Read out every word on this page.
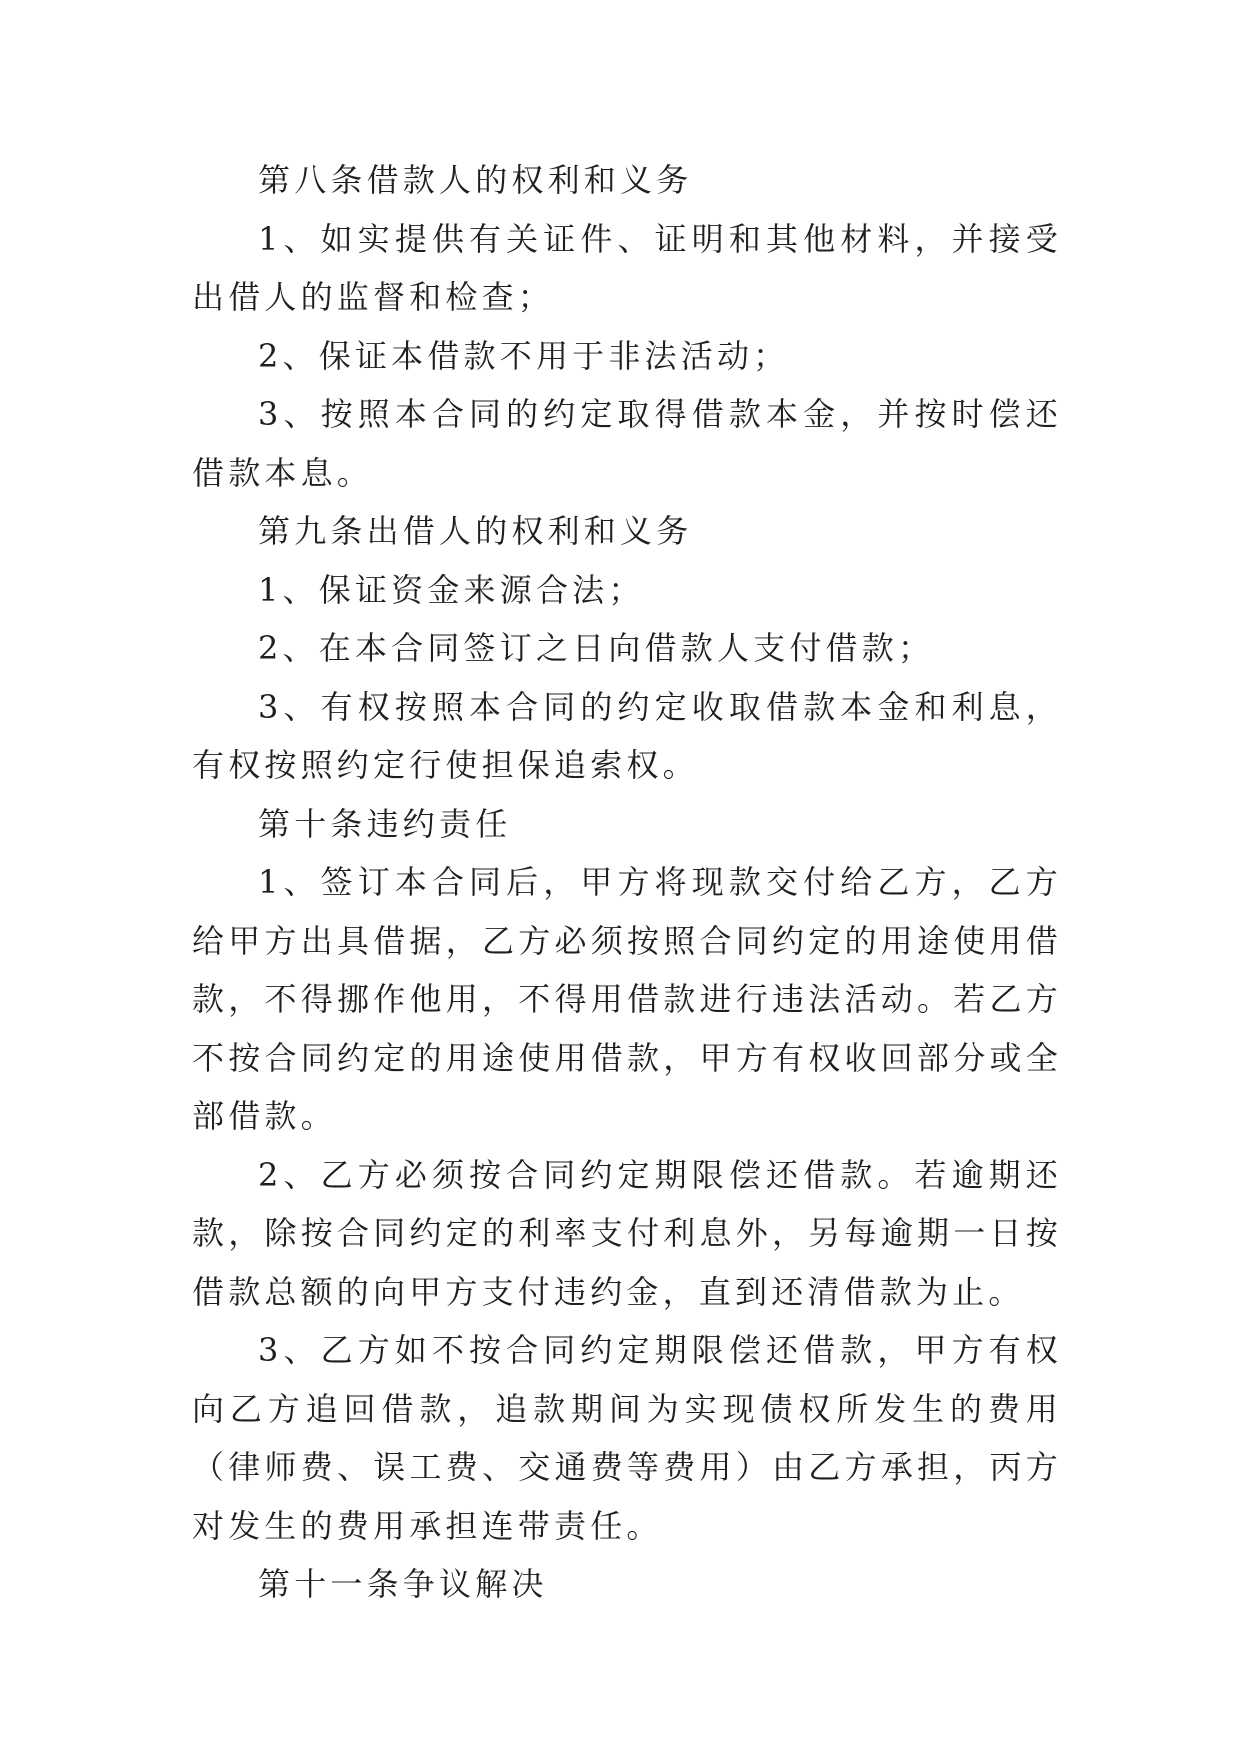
第八条借款人的权利和义务

1、如实提供有关证件、证明和其他材料，并接受出借人的监督和检查；

2、保证本借款不用于非法活动；

3、按照本合同的约定取得借款本金，并按时偿还借款本息。

第九条出借人的权利和义务

1、保证资金来源合法；

2、在本合同签订之日向借款人支付借款；

3、有权按照本合同的约定收取借款本金和利息，有权按照约定行使担保追索权。

第十条违约责任

1、签订本合同后，甲方将现款交付给乙方，乙方给甲方出具借据，乙方必须按照合同约定的用途使用借款，不得挪作他用，不得用借款进行违法活动。若乙方不按合同约定的用途使用借款，甲方有权收回部分或全部借款。

2、乙方必须按合同约定期限偿还借款。若逾期还款，除按合同约定的利率支付利息外，另每逾期一日按借款总额的向甲方支付违约金，直到还清借款为止。

3、乙方如不按合同约定期限偿还借款，甲方有权向乙方追回借款，追款期间为实现债权所发生的费用（律师费、误工费、交通费等费用）由乙方承担，丙方对发生的费用承担连带责任。

第十一条争议解决
